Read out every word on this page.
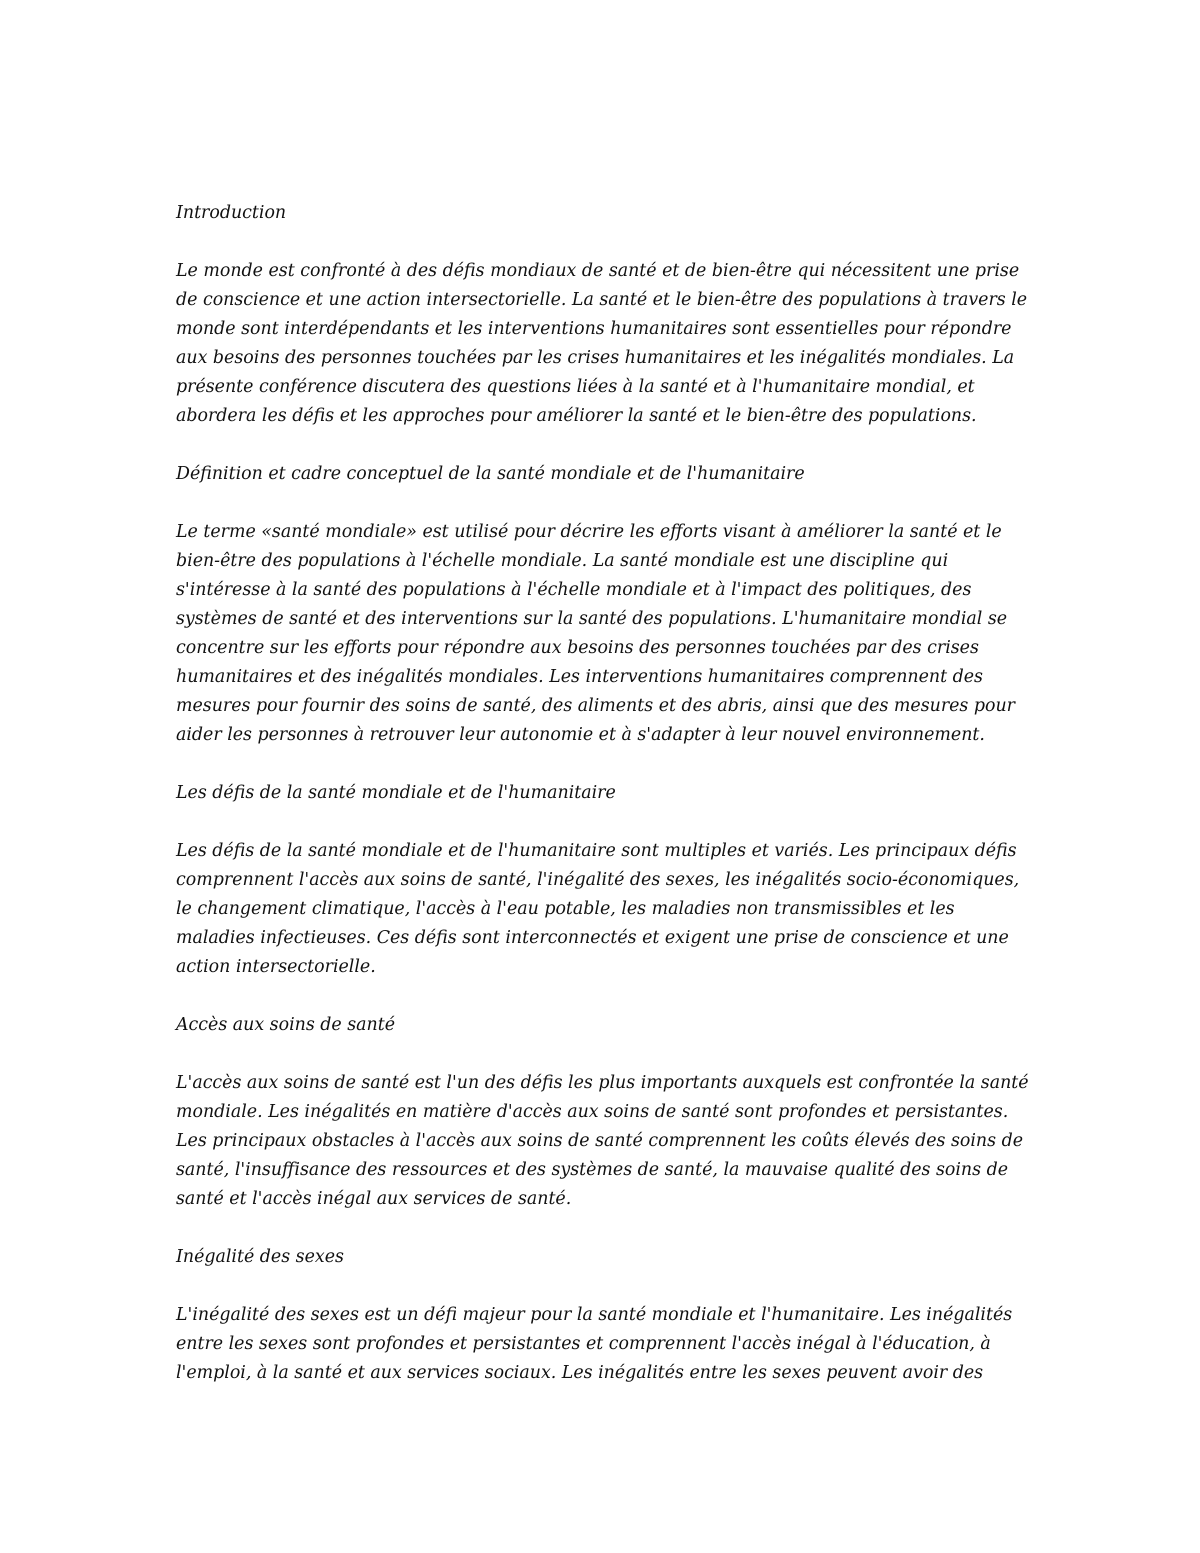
Introduction
Le monde est confronté à des défis mondiaux de santé et de bien-être qui nécessitent une prise
de conscience et une action intersectorielle. La santé et le bien-être des populations à travers le
monde sont interdépendants et les interventions humanitaires sont essentielles pour répondre
aux besoins des personnes touchées par les crises humanitaires et les inégalités mondiales. La
présente conférence discutera des questions liées à la santé et à l'humanitaire mondial, et
abordera les défis et les approches pour améliorer la santé et le bien-être des populations.
Définition et cadre conceptuel de la santé mondiale et de l'humanitaire
Le terme «santé mondiale» est utilisé pour décrire les efforts visant à améliorer la santé et le
bien-être des populations à l'échelle mondiale. La santé mondiale est une discipline qui
s'intéresse à la santé des populations à l'échelle mondiale et à l'impact des politiques, des
systèmes de santé et des interventions sur la santé des populations. L'humanitaire mondial se
concentre sur les efforts pour répondre aux besoins des personnes touchées par des crises
humanitaires et des inégalités mondiales. Les interventions humanitaires comprennent des
mesures pour fournir des soins de santé, des aliments et des abris, ainsi que des mesures pour
aider les personnes à retrouver leur autonomie et à s'adapter à leur nouvel environnement.
Les défis de la santé mondiale et de l'humanitaire
Les défis de la santé mondiale et de l'humanitaire sont multiples et variés. Les principaux défis
comprennent l'accès aux soins de santé, l'inégalité des sexes, les inégalités socio-économiques,
le changement climatique, l'accès à l'eau potable, les maladies non transmissibles et les
maladies infectieuses. Ces défis sont interconnectés et exigent une prise de conscience et une
action intersectorielle.
Accès aux soins de santé
L'accès aux soins de santé est l'un des défis les plus importants auxquels est confrontée la santé
mondiale. Les inégalités en matière d'accès aux soins de santé sont profondes et persistantes.
Les principaux obstacles à l'accès aux soins de santé comprennent les coûts élevés des soins de
santé, l'insuffisance des ressources et des systèmes de santé, la mauvaise qualité des soins de
santé et l'accès inégal aux services de santé.
Inégalité des sexes
L'inégalité des sexes est un défi majeur pour la santé mondiale et l'humanitaire. Les inégalités
entre les sexes sont profondes et persistantes et comprennent l'accès inégal à l'éducation, à
l'emploi, à la santé et aux services sociaux. Les inégalités entre les sexes peuvent avoir des
